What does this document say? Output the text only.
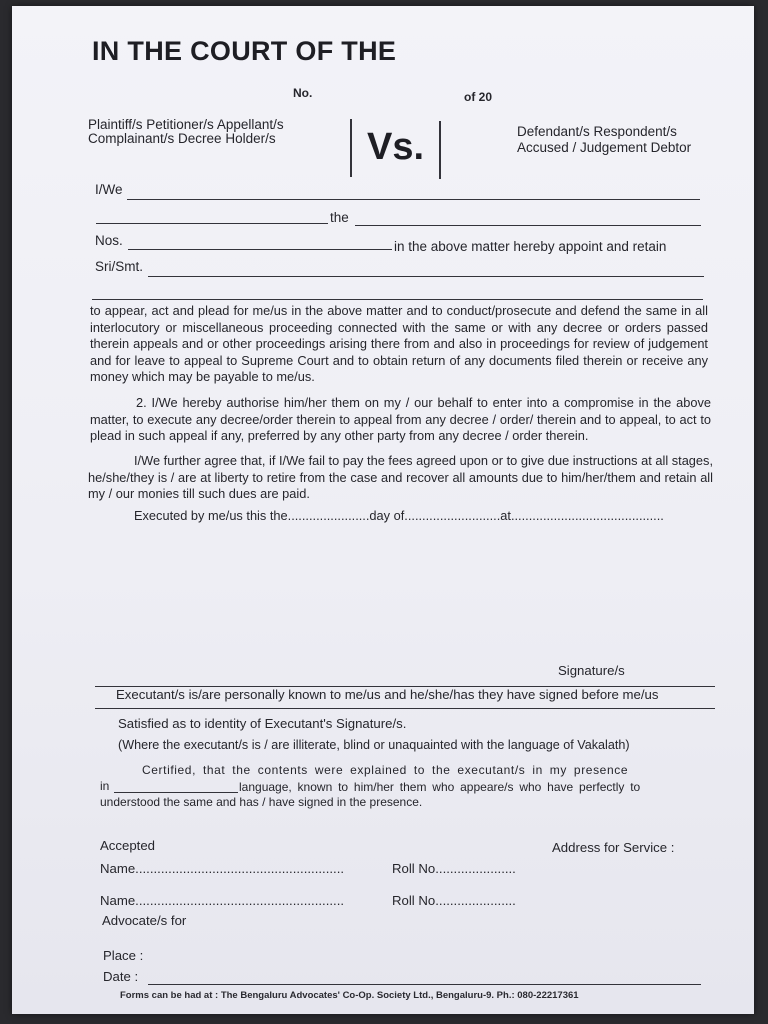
IN THE COURT OF THE
No.	of 20
Plaintiff/s Petitioner/s Appellant/s
Complainant/s Decree Holder/s Vs.	Defendant/s Respondent/s
Accused / Judgement Debtor
I/We
the
Nos.	in the above matter hereby appoint and retain
Sri/Smt.
to appear, act and plead for me/us in the above matter and to conduct/prosecute and defend the same in all interlocutory or miscellaneous proceeding connected with the same or with any decree or orders passed therein appeals and or other proceedings arising there from and also in proceedings for review of judgement and for leave to appeal to Supreme Court and to obtain return of any documents filed therein or receive any money which may be payable to me/us.
2. I/We hereby authorise him/her them on my / our behalf to enter into a compromise in the above matter, to execute any decree/order therein to appeal from any decree / order/ therein and to appeal, to act to plead in such appeal if any, preferred by any other party from any decree / order therein.
I/We further agree that, if I/We fail to pay the fees agreed upon or to give due instructions at all stages, he/she/they is / are at liberty to retire from the case and recover all amounts due to him/her/them and retain all my / our monies till such dues are paid.
Executed by me/us this the.......................day of...........................at...........................................
Signature/s
Executant/s is/are personally known to me/us and he/she/has they have signed before me/us
Satisfied as to identity of Executant's Signature/s.
(Where the executant/s is / are illiterate, blind or unaquainted with the language of Vakalath)
Certified, that the contents were explained to the executant/s in my presence
in	language, known to him/her them who appeare/s who have perfectly to
understood the same and has / have signed in the presence.
Accepted	Address for Service :
Name.........................................................	Roll No......................
Name.........................................................	Roll No......................
Advocate/s for
Place :
Date :
Forms can be had at : The Bengaluru Advocates' Co-Op. Society Ltd., Bengaluru-9. Ph.: 080-22217361
